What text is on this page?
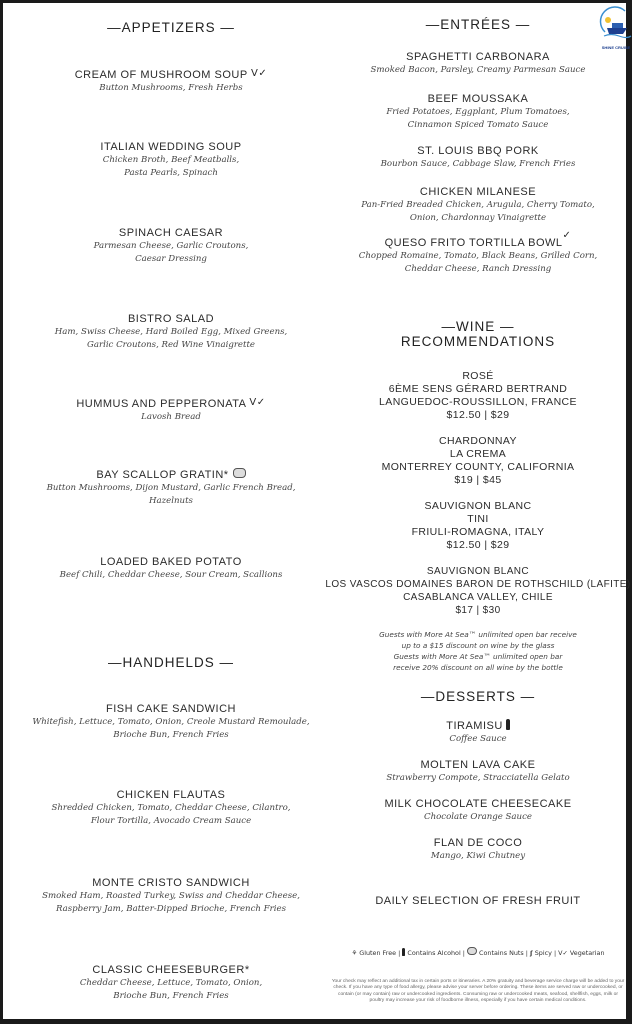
—APPETIZERS —
CREAM OF MUSHROOM SOUP V✓
Button Mushrooms, Fresh Herbs
ITALIAN WEDDING SOUP
Chicken Broth, Beef Meatballs,
Pasta Pearls, Spinach
SPINACH CAESAR
Parmesan Cheese, Garlic Croutons,
Caesar Dressing
BISTRO SALAD
Ham, Swiss Cheese, Hard Boiled Egg, Mixed Greens,
Garlic Croutons, Red Wine Vinaigrette
HUMMUS AND PEPPERONATA V✓
Lavosh Bread
BAY SCALLOP GRATIN*
Button Mushrooms, Dijon Mustard, Garlic French Bread,
Hazelnuts
LOADED BAKED POTATO
Beef Chili, Cheddar Cheese, Sour Cream, Scallions
—HANDHELDS —
FISH CAKE SANDWICH
Whitefish, Lettuce, Tomato, Onion, Creole Mustard Remoulade,
Brioche Bun, French Fries
CHICKEN FLAUTAS
Shredded Chicken, Tomato, Cheddar Cheese, Cilantro,
Flour Tortilla, Avocado Cream Sauce
MONTE CRISTO SANDWICH
Smoked Ham, Roasted Turkey, Swiss and Cheddar Cheese,
Raspberry Jam, Batter-Dipped Brioche, French Fries
CLASSIC CHEESEBURGER*
Cheddar Cheese, Lettuce, Tomato, Onion,
Brioche Bun, French Fries
SHINE CRUISE
—ENTRÉES —
SPAGHETTI CARBONARA
Smoked Bacon, Parsley, Creamy Parmesan Sauce
BEEF MOUSSAKA
Fried Potatoes, Eggplant, Plum Tomatoes,
Cinnamon Spiced Tomato Sauce
ST. LOUIS BBQ PORK
Bourbon Sauce, Cabbage Slaw, French Fries
CHICKEN MILANESE
Pan-Fried Breaded Chicken, Arugula, Cherry Tomato,
Onion, Chardonnay Vinaigrette
QUESO FRITO TORTILLA BOWL✓
Chopped Romaine, Tomato, Black Beans, Grilled Corn,
Cheddar Cheese, Ranch Dressing
—WINE —
RECOMMENDATIONS
ROSÉ
6ÈME SENS GÉRARD BERTRAND
LANGUEDOC-ROUSSILLON, FRANCE
$12.50 | $29
CHARDONNAY
LA CREMA
MONTERREY COUNTY, CALIFORNIA
$19 | $45
SAUVIGNON BLANC
TINI
FRIULI-ROMAGNA, ITALY
$12.50 | $29
SAUVIGNON BLANC
LOS VASCOS DOMAINES BARON DE ROTHSCHILD (LAFITE)
CASABLANCA VALLEY, CHILE
$17 | $30
Guests with More At Sea™ unlimited open bar receive
up to a $15 discount on wine by the glass
Guests with More At Sea™ unlimited open bar
receive 20% discount on all wine by the bottle
—DESSERTS —
TIRAMISU
Coffee Sauce
MOLTEN LAVA CAKE
Strawberry Compote, Stracciatella Gelato
MILK CHOCOLATE CHEESECAKE
Chocolate Orange Sauce
FLAN DE COCO
Mango, Kiwi Chutney
DAILY SELECTION OF FRESH FRUIT
⚘ Gluten Free | Contains Alcohol | Contains Nuts | ʃ Spicy | V✓ Vegetarian
Your check may reflect an additional tax in certain ports or itineraries. A 20% gratuity and beverage service charge will be added to your check. If you have any type of food allergy, please advise your server before ordering. These items are served raw or undercooked, or contain (or may contain) raw or undercooked ingredients. Consuming raw or undercooked meats, seafood, shellfish, eggs, milk or poultry may increase your risk of foodborne illness, especially if you have certain medical conditions.
